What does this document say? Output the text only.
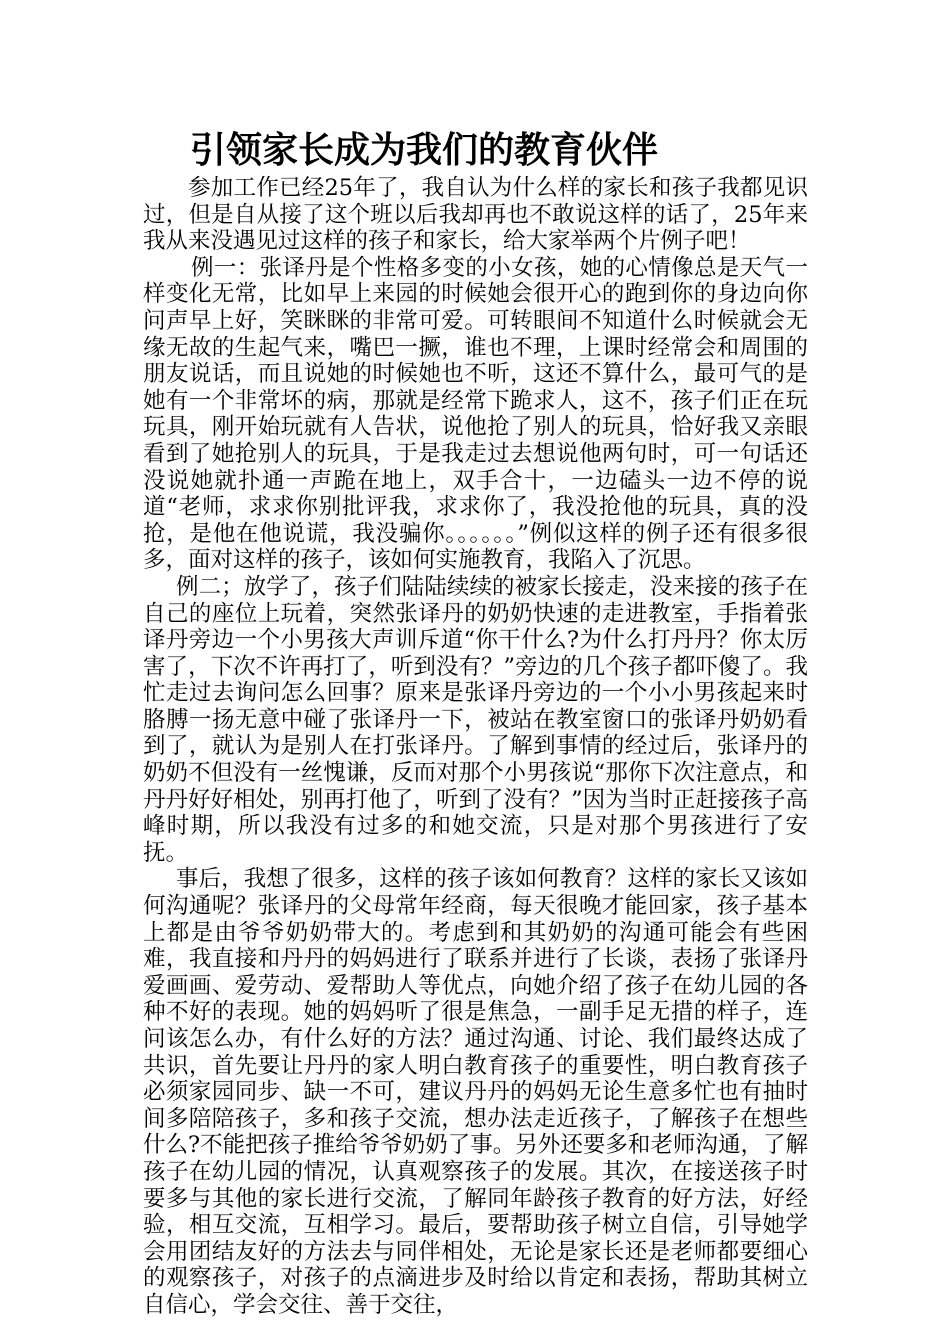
引领家长成为我们的教育伙伴

参加工作已经25年了，我自认为什么样的家长和孩子我都见识过，但是自从接了这个班以后我却再也不敢说这样的话了，25年来我从来没遇见过这样的孩子和家长，给大家举两个片例子吧！

例一：张译丹是个性格多变的小女孩，她的心情像总是天气一样变化无常，比如早上来园的时候她会很开心的跑到你的身边向你问声早上好，笑眯眯的非常可爱。可转眼间不知道什么时候就会无缘无故的生起气来，嘴巴一撅，谁也不理，上课时经常会和周围的朋友说话，而且说她的时候她也不听，这还不算什么，最可气的是她有一个非常坏的病，那就是经常下跪求人，这不，孩子们正在玩玩具，刚开始玩就有人告状，说他抢了别人的玩具，恰好我又亲眼看到了她抢别人的玩具，于是我走过去想说他两句时，可一句话还没说她就扑通一声跪在地上，双手合十，一边磕头一边不停的说道“老师，求求你别批评我，求求你了，我没抢他的玩具，真的没抢，是他在他说谎，我没骗你。。。。。。”例似这样的例子还有很多很多，面对这样的孩子，该如何实施教育，我陷入了沉思。

例二；放学了，孩子们陆陆续续的被家长接走，没来接的孩子在自己的座位上玩着，突然张译丹的奶奶快速的走进教室，手指着张译丹旁边一个小男孩大声训斥道“你干什么?为什么打丹丹？你太厉害了，下次不许再打了，听到没有？”旁边的几个孩子都吓傻了。我忙走过去询问怎么回事？原来是张译丹旁边的一个小小男孩起来时胳膊一扬无意中碰了张译丹一下，被站在教室窗口的张译丹奶奶看到了，就认为是别人在打张译丹。了解到事情的经过后，张译丹的奶奶不但没有一丝愧谦，反而对那个小男孩说“那你下次注意点，和丹丹好好相处，别再打他了，听到了没有？”因为当时正赶接孩子高峰时期，所以我没有过多的和她交流，只是对那个男孩进行了安抚。

事后，我想了很多，这样的孩子该如何教育？这样的家长又该如何沟通呢？张译丹的父母常年经商，每天很晚才能回家，孩子基本上都是由爷爷奶奶带大的。考虑到和其奶奶的沟通可能会有些困难，我直接和丹丹的妈妈进行了联系并进行了长谈，表扬了张译丹爱画画、爱劳动、爱帮助人等优点，向她介绍了孩子在幼儿园的各种不好的表现。她的妈妈听了很是焦急，一副手足无措的样子，连问该怎么办，有什么好的方法？通过沟通、讨论、我们最终达成了共识，首先要让丹丹的家人明白教育孩子的重要性，明白教育孩子必须家园同步、缺一不可，建议丹丹的妈妈无论生意多忙也有抽时间多陪陪孩子，多和孩子交流，想办法走近孩子，了解孩子在想些什么?不能把孩子推给爷爷奶奶了事。另外还要多和老师沟通，了解孩子在幼儿园的情况，认真观察孩子的发展。其次，在接送孩子时要多与其他的家长进行交流，了解同年龄孩子教育的好方法，好经验，相互交流，互相学习。最后，要帮助孩子树立自信，引导她学会用团结友好的方法去与同伴相处，无论是家长还是老师都要细心的观察孩子，对孩子的点滴进步及时给以肯定和表扬，帮助其树立自信心，学会交往、善于交往，
